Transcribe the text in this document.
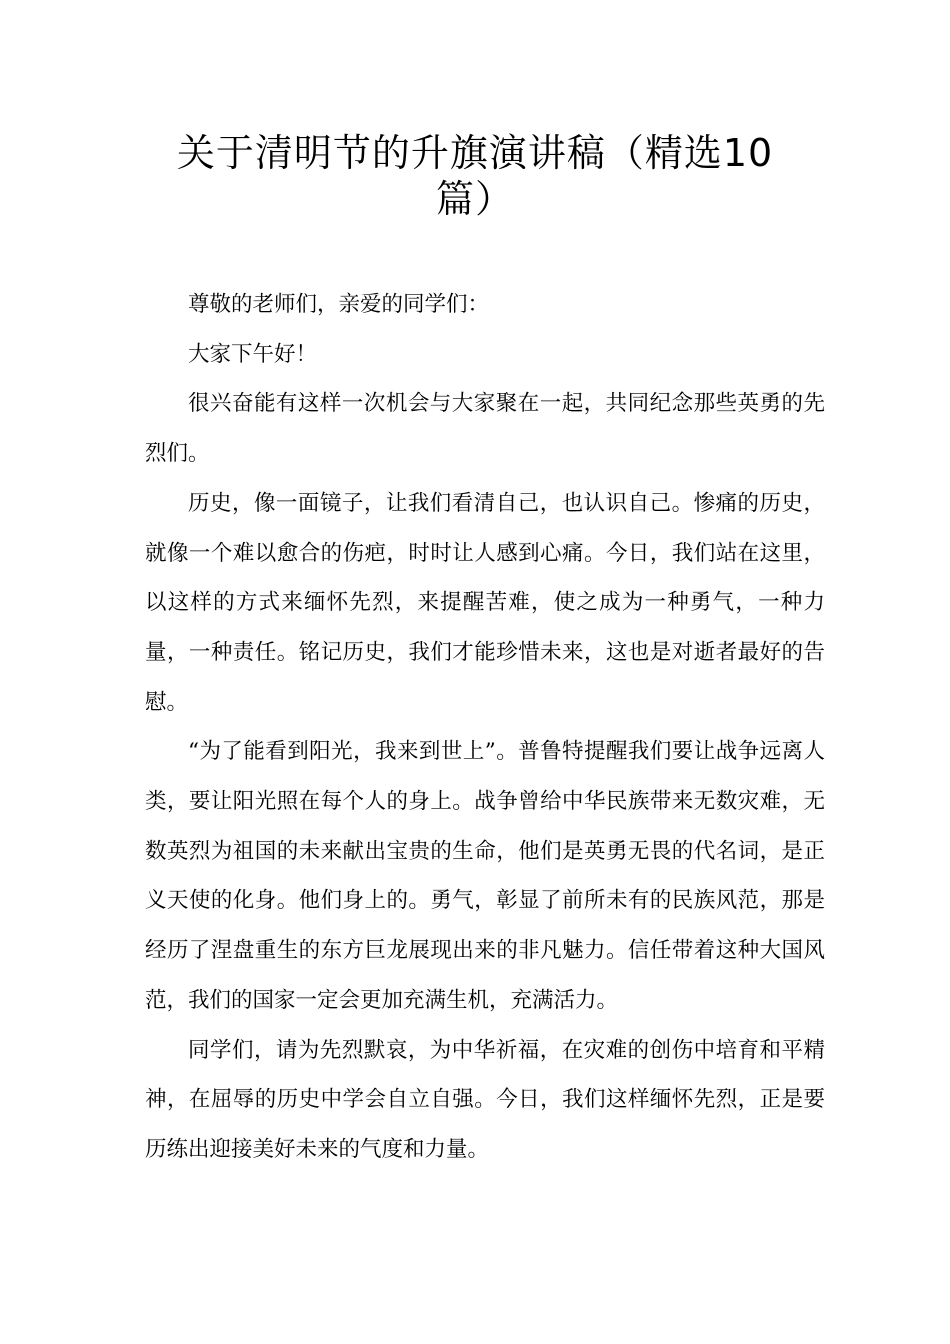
关于清明节的升旗演讲稿（精选10
篇）

尊敬的老师们，亲爱的同学们：

大家下午好！

很兴奋能有这样一次机会与大家聚在一起，共同纪念那些英勇的先烈们。

历史，像一面镜子，让我们看清自己，也认识自己。惨痛的历史，就像一个难以愈合的伤疤，时时让人感到心痛。今日，我们站在这里，以这样的方式来缅怀先烈，来提醒苦难，使之成为一种勇气，一种力量，一种责任。铭记历史，我们才能珍惜未来，这也是对逝者最好的告慰。

“为了能看到阳光，我来到世上”。普鲁特提醒我们要让战争远离人类，要让阳光照在每个人的身上。战争曾给中华民族带来无数灾难，无数英烈为祖国的未来献出宝贵的生命，他们是英勇无畏的代名词，是正义天使的化身。他们身上的。勇气，彰显了前所未有的民族风范，那是经历了涅盘重生的东方巨龙展现出来的非凡魅力。信任带着这种大国风范，我们的国家一定会更加充满生机，充满活力。

同学们，请为先烈默哀，为中华祈福，在灾难的创伤中培育和平精神，在屈辱的历史中学会自立自强。今日，我们这样缅怀先烈，正是要历练出迎接美好未来的气度和力量。
